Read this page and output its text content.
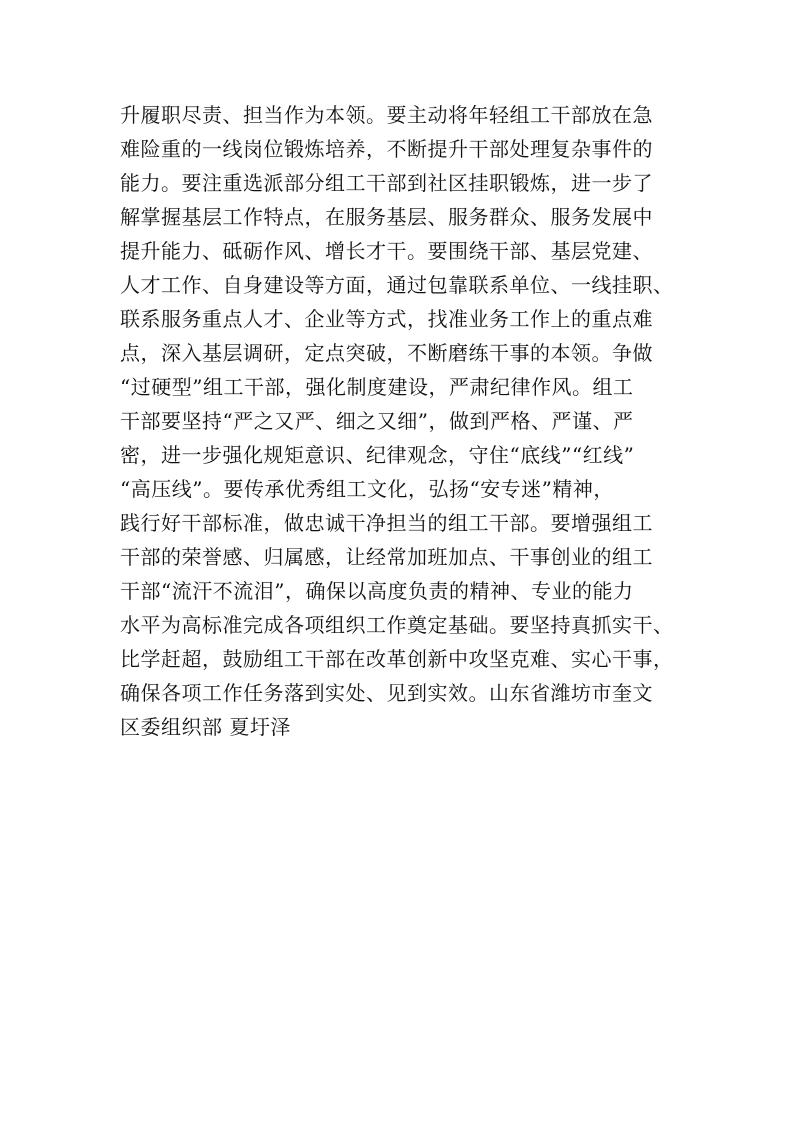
升履职尽责、担当作为本领。要主动将年轻组工干部放在急
难险重的一线岗位锻炼培养，不断提升干部处理复杂事件的
能力。要注重选派部分组工干部到社区挂职锻炼，进一步了
解掌握基层工作特点，在服务基层、服务群众、服务发展中
提升能力、砥砺作风、增长才干。要围绕干部、基层党建、
人才工作、自身建设等方面，通过包靠联系单位、一线挂职、
联系服务重点人才、企业等方式，找准业务工作上的重点难
点，深入基层调研，定点突破，不断磨练干事的本领。争做
“过硬型”组工干部，强化制度建设，严肃纪律作风。组工
干部要坚持“严之又严、细之又细”，做到严格、严谨、严
密，进一步强化规矩意识、纪律观念，守住“底线”“红线”
“高压线”。要传承优秀组工文化，弘扬“安专迷”精神，
践行好干部标准，做忠诚干净担当的组工干部。要增强组工
干部的荣誉感、归属感，让经常加班加点、干事创业的组工
干部“流汗不流泪”，确保以高度负责的精神、专业的能力
水平为高标准完成各项组织工作奠定基础。要坚持真抓实干、
比学赶超，鼓励组工干部在改革创新中攻坚克难、实心干事，
确保各项工作任务落到实处、见到实效。山东省潍坊市奎文
区委组织部 夏圩泽
